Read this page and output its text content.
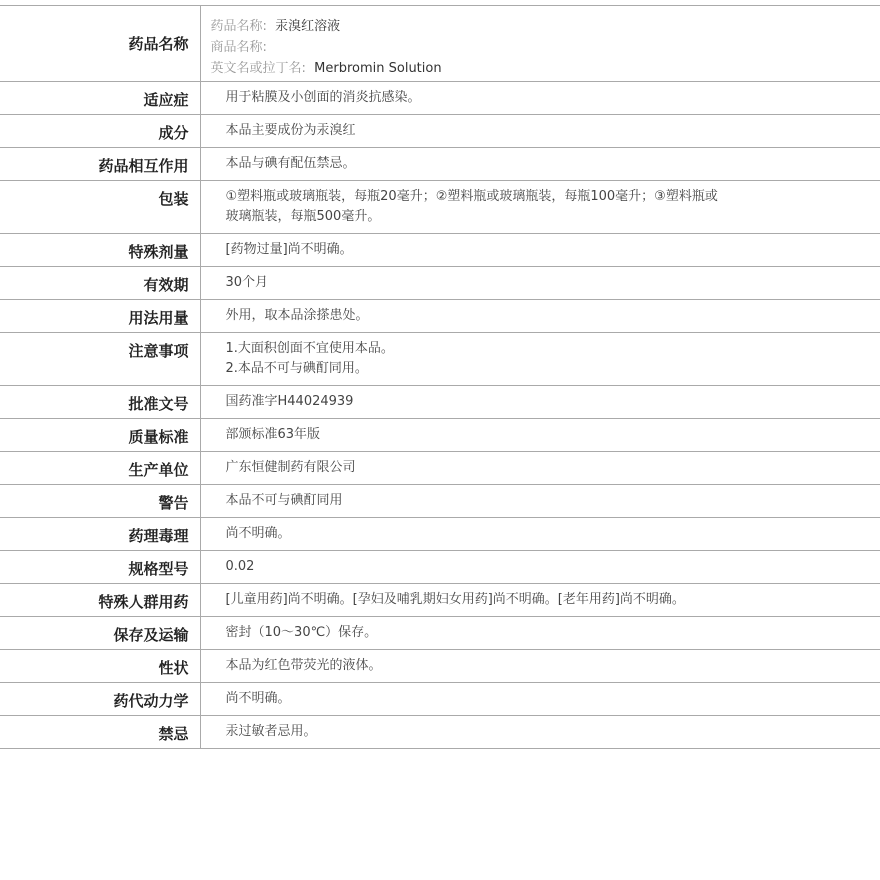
药品名称	药品名称: 汞溴红溶液
商品名称:
英文名或拉丁名: Merbromin Solution

适应症	用于粘膜及小创面的消炎抗感染。

成分	本品主要成份为汞溴红

药品相互作用	本品与碘有配伍禁忌。

包装	①塑料瓶或玻璃瓶装，每瓶20毫升；②塑料瓶或玻璃瓶装，每瓶100毫升；③塑料瓶或
玻璃瓶装，每瓶500毫升。

特殊剂量	[药物过量]尚不明确。

有效期	30个月

用法用量	外用，取本品涂搽患处。

注意事项	1.大面积创面不宜使用本品。
2.本品不可与碘酊同用。

批准文号	国药准字H44024939

质量标准	部颁标准63年版

生产单位	广东恒健制药有限公司

警告	本品不可与碘酊同用

药理毒理	尚不明确。

规格型号	0.02

特殊人群用药	[儿童用药]尚不明确。[孕妇及哺乳期妇女用药]尚不明确。[老年用药]尚不明确。

保存及运输	密封（10～30℃）保存。

性状	本品为红色带荧光的液体。

药代动力学	尚不明确。

禁忌	汞过敏者忌用。
